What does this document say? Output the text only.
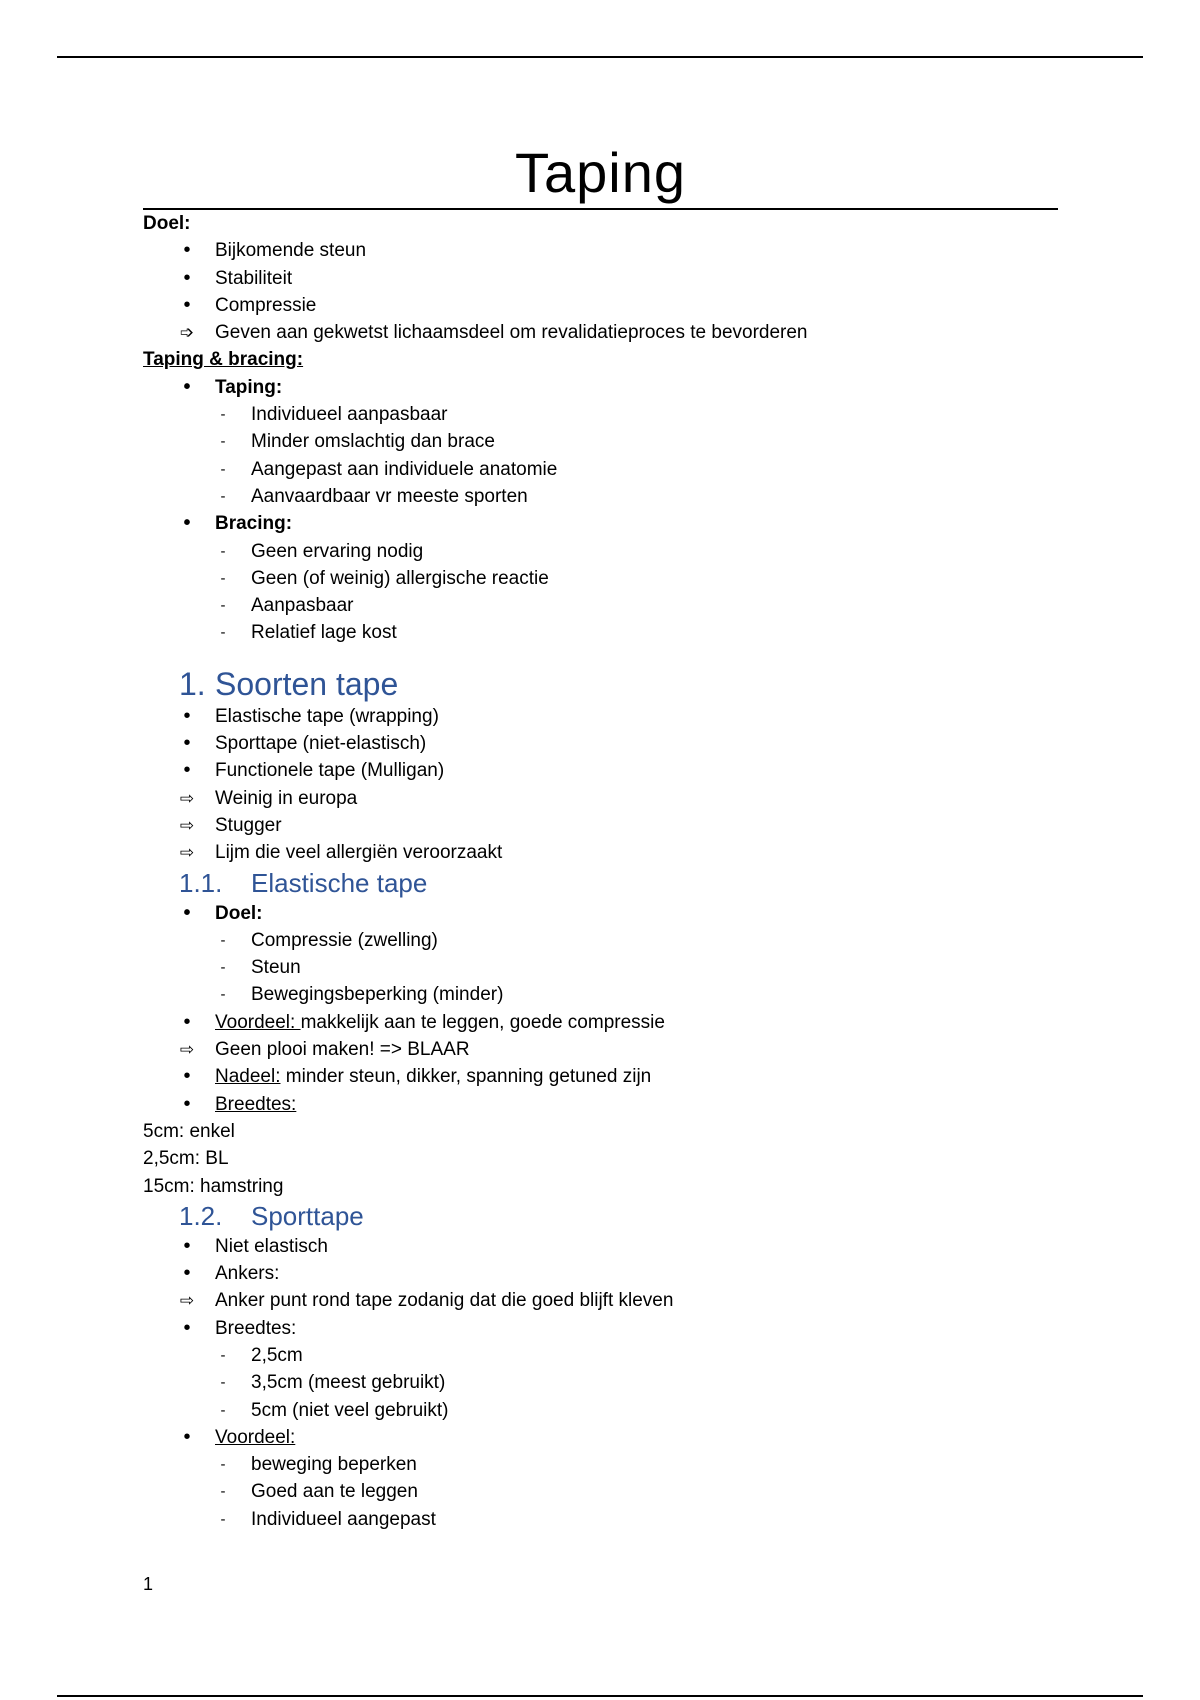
Taping
Doel:
• Bijkomende steun
• Stabiliteit
• Compressie
➩ Geven aan gekwetst lichaamsdeel om revalidatieproces te bevorderen
Taping & bracing:
• Taping:
-	Individueel aanpasbaar
-	Minder omslachtig dan brace
-	Aangepast aan individuele anatomie
-	Aanvaardbaar vr meeste sporten
• Bracing:
-	Geen ervaring nodig
-	Geen (of weinig) allergische reactie
-	Aanpasbaar
-	Relatief lage kost
1. Soorten tape
• Elastische tape (wrapping)
• Sporttape (niet-elastisch)
• Functionele tape (Mulligan)
⇨ Weinig in europa
⇨ Stugger
⇨ Lijm die veel allergiën veroorzaakt
1.1. Elastische tape
• Doel:
-	Compressie (zwelling)
-	Steun
-	Bewegingsbeperking (minder)
• Voordeel: makkelijk aan te leggen, goede compressie
⇨ Geen plooi maken! => BLAAR
• Nadeel: minder steun, dikker, spanning getuned zijn
• Breedtes:
5cm: enkel
2,5cm: BL
15cm: hamstring
1.2. Sporttape
• Niet elastisch
• Ankers:
⇨ Anker punt rond tape zodanig dat die goed blijft kleven
• Breedtes:
-	2,5cm
-	3,5cm (meest gebruikt)
-	5cm (niet veel gebruikt)
• Voordeel:
-	beweging beperken
-	Goed aan te leggen
-	Individueel aangepast
1
